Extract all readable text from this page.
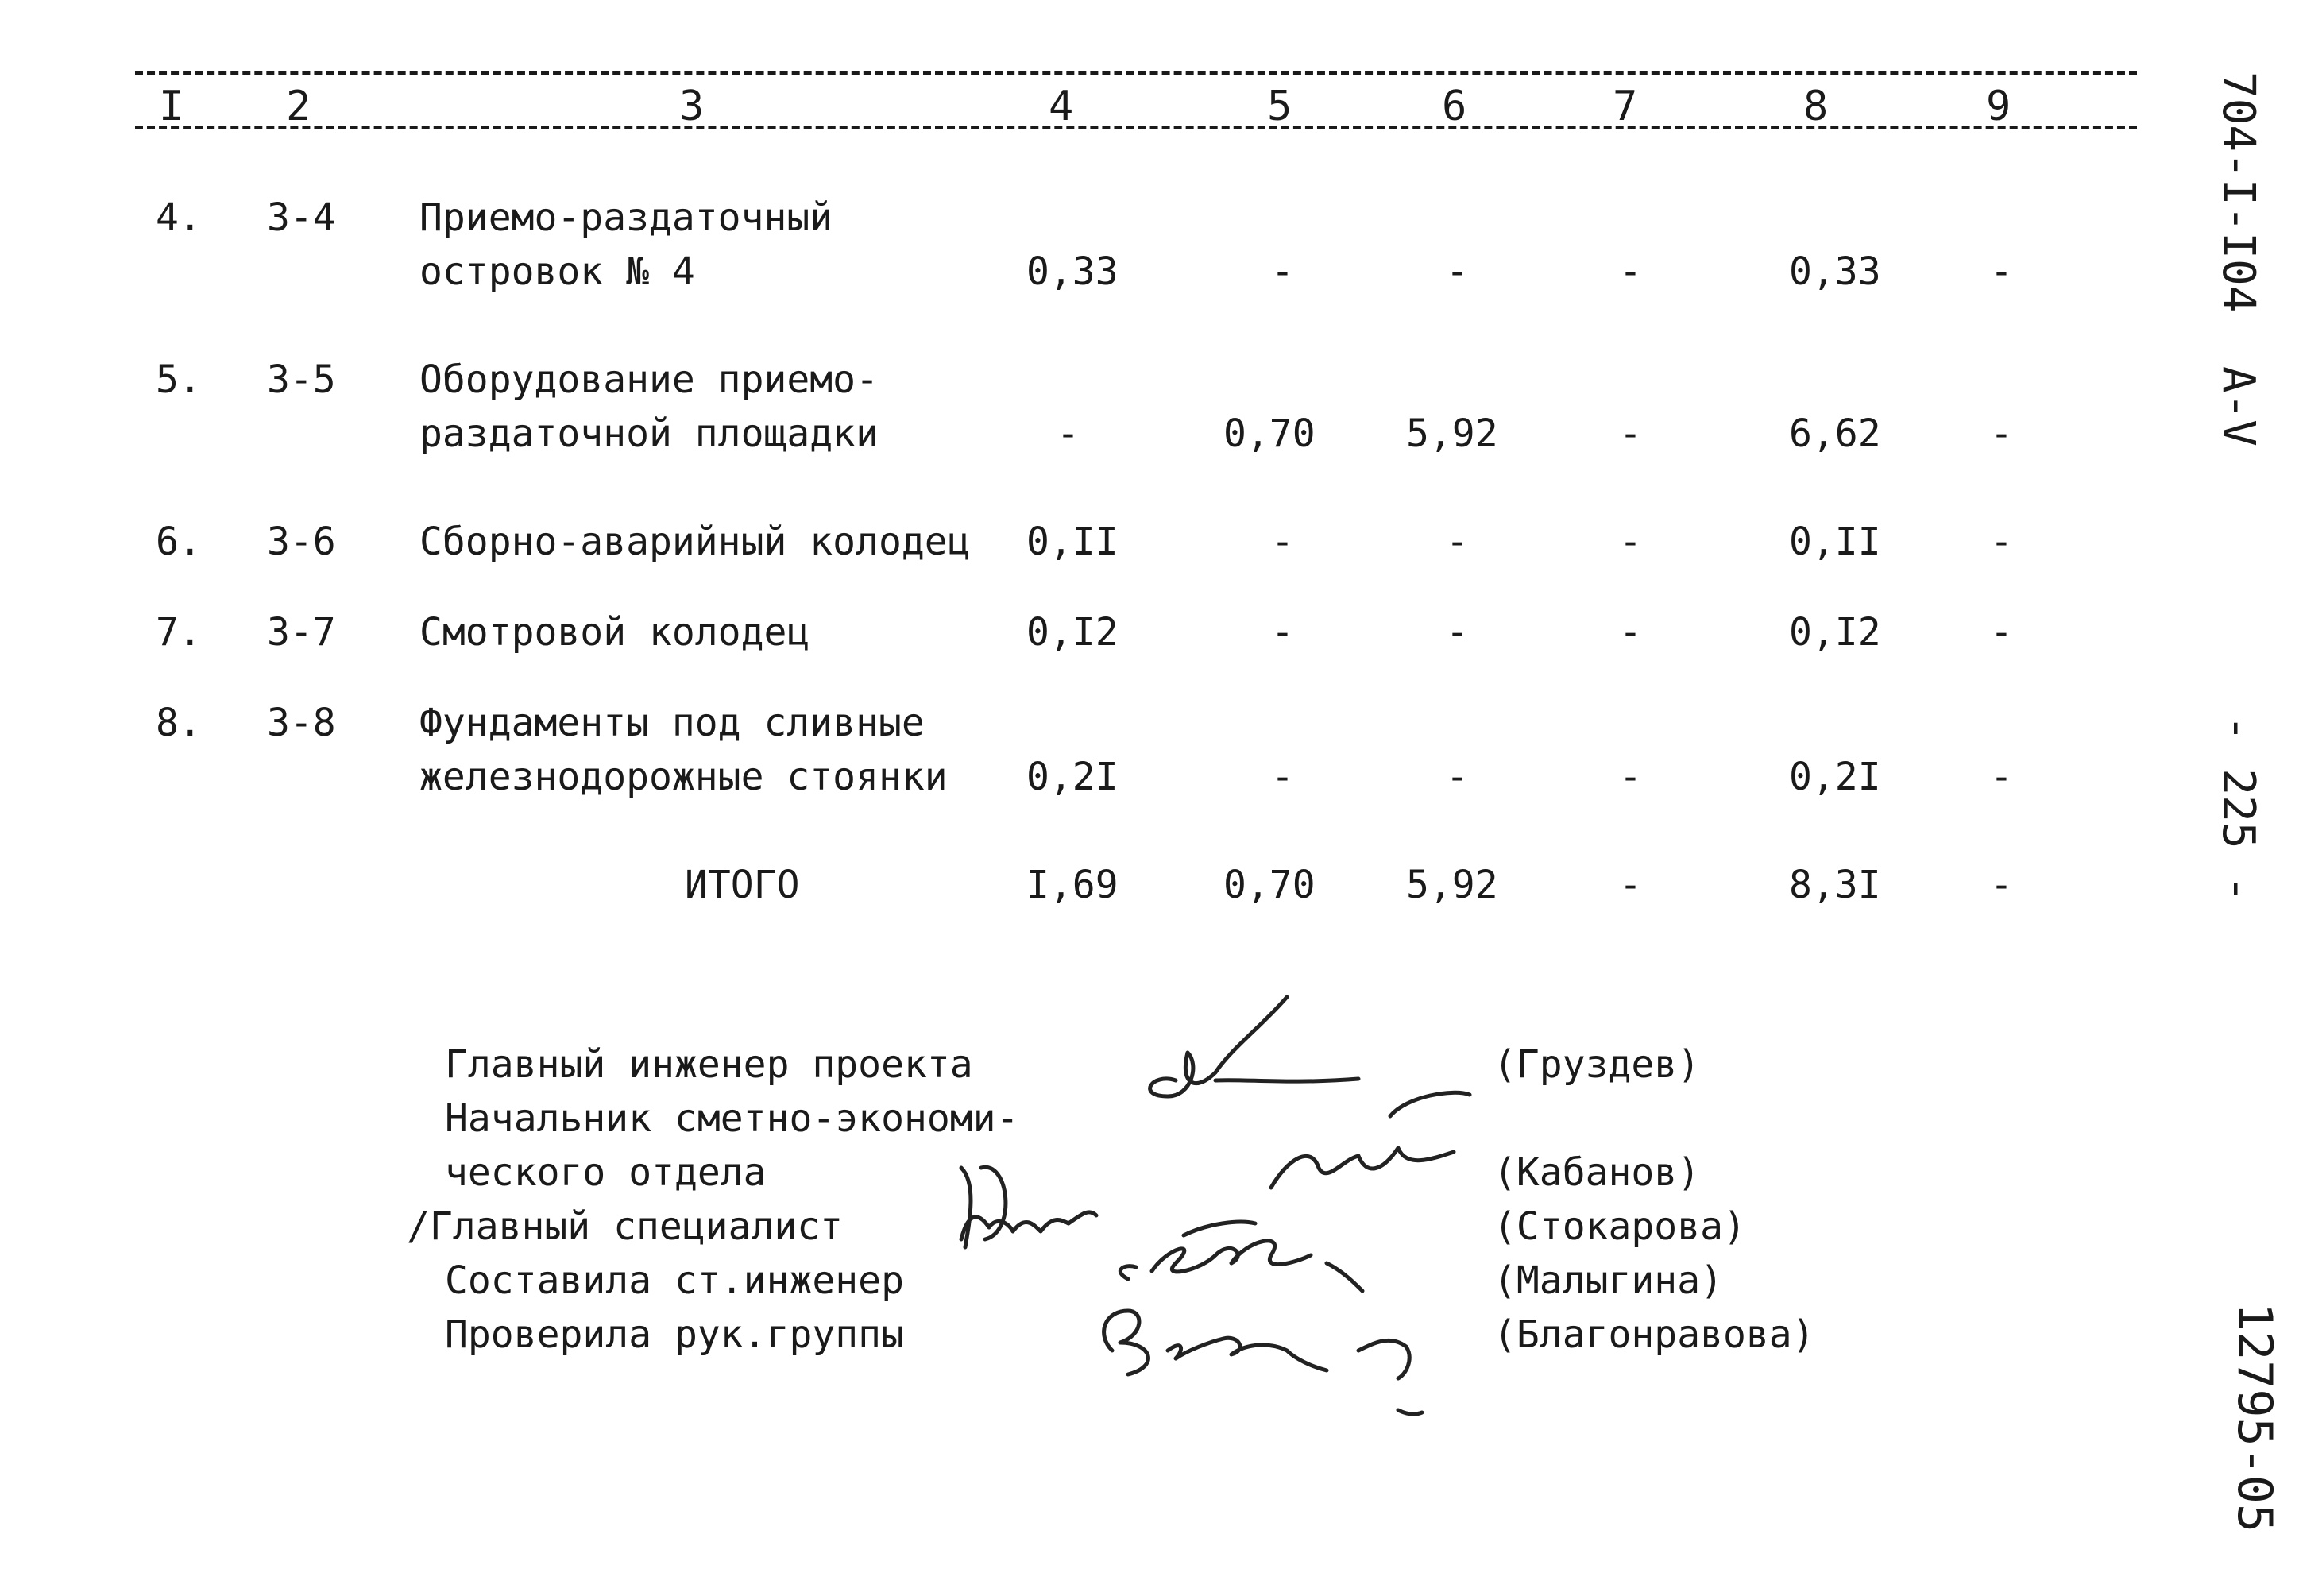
I 2	3	4	5	6	7	8	9
4. 3-4 Приемо-раздаточный
островок № 4	0,33	-	-	-	0,33	-
5. 3-5 Оборудование приемо-
раздаточной площадки	-	0,70 5,92	-	6,62	-
6. 3-6 Сборно-аварийный колодец 0,II	-	-	-	0,II	-
7. 3-7 Смотровой колодец	0,I2	-	-	-	0,I2	-
8. 3-8 Фундаменты под сливные
железнодорожные стоянки 0,2I	-	-	-	0,2I	-
ИТОГО	I,69	0,70 5,92	-	8,3I	-
Главный инженер проекта
Начальник сметно-экономи-
ческого отдела
/Главный специалист
Составила ст.инженер
Проверила рук.группы
(Груздев)
(Кабанов)
(Стокарова)
(Малыгина)
(Благонравова)
704-I-I04  A-V
- 225 -
12795-05
